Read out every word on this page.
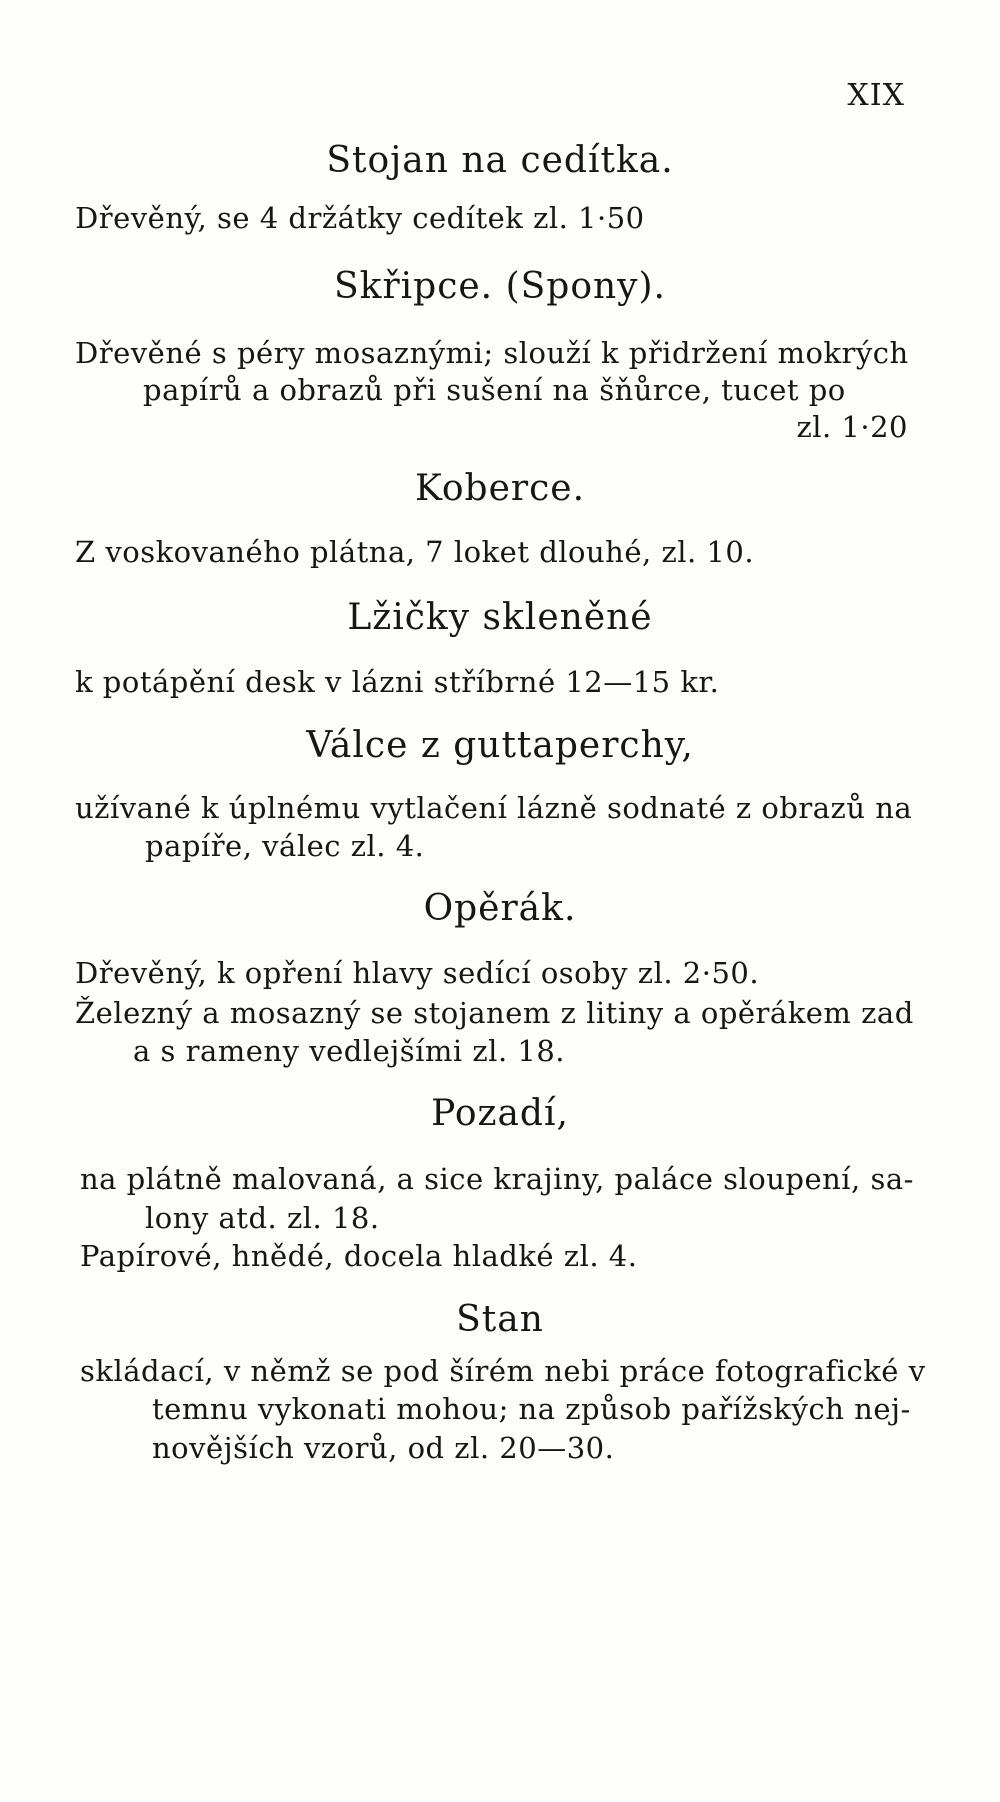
XIX
Stojan na cedítka.
Dřevěný, se 4 držátky cedítek zl. 1·50
Skřipce. (Spony).
Dřevěné s péry mosaznými; slouží k přidržení mokrých
papírů a obrazů při sušení na šňůrce, tucet po
zl. 1·20
Koberce.
Z voskovaného plátna, 7 loket dlouhé, zl. 10.
Lžičky skleněné
k potápění desk v lázni stříbrné 12—15 kr.
Válce z guttaperchy,
užívané k úplnému vytlačení lázně sodnaté z obrazů na
papíře, válec zl. 4.
Opěrák.
Dřevěný, k opření hlavy sedící osoby zl. 2·50.
Železný a mosazný se stojanem z litiny a opěrákem zad
a s rameny vedlejšími zl. 18.
Pozadí,
na plátně malovaná, a sice krajiny, paláce sloupení, sa-
lony atd. zl. 18.
Papírové, hnědé, docela hladké zl. 4.
Stan
skládací, v němž se pod šírém nebi práce fotografické v
temnu vykonati mohou; na způsob pařížských nej-
novějších vzorů, od zl. 20—30.
